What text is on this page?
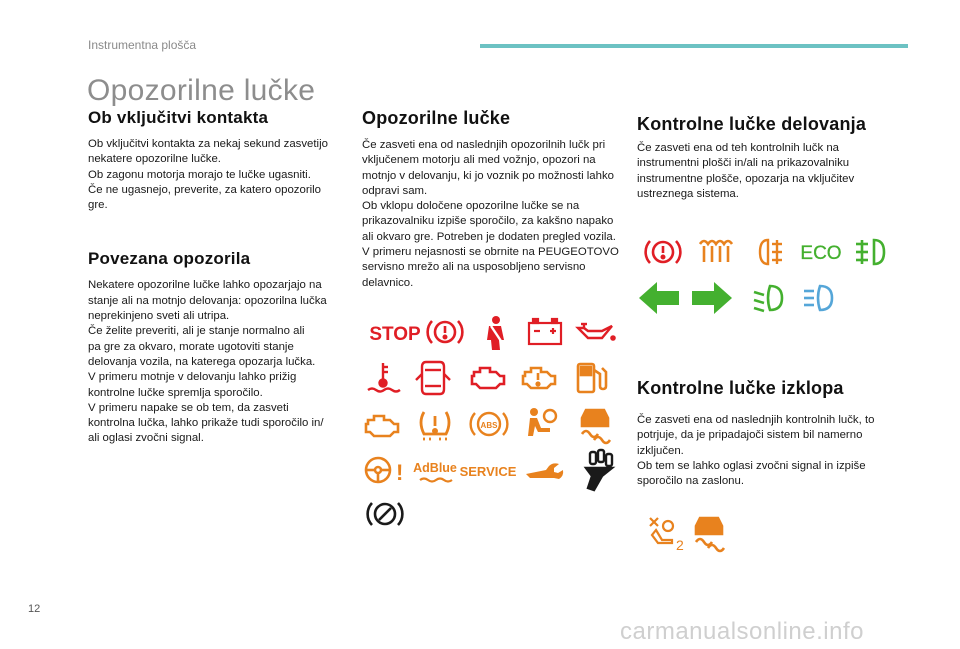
Instrumentna plošča
Opozorilne lučke
Ob vključitvi kontakta

Ob vključitvi kontakta za nekaj sekund zasvetijo
nekatere opozorilne lučke.
Ob zagonu motorja morajo te lučke ugasniti.
Če ne ugasnejo, preverite, za katero opozorilo
gre.

Povezana opozorila

Nekatere opozorilne lučke lahko opozarjajo na
stanje ali na motnjo delovanja: opozorilna lučka
neprekinjeno sveti ali utripa.
Če želite preveriti, ali je stanje normalno ali
pa gre za okvaro, morate ugotoviti stanje
delovanja vozila, na katerega opozarja lučka.
V primeru motnje v delovanju lahko prižig
kontrolne lučke spremlja sporočilo.
V primeru napake se ob tem, da zasveti
kontrolna lučka, lahko prikaže tudi sporočilo in/
ali oglasi zvočni signal.

Opozorilne lučke

Če zasveti ena od naslednjih opozorilnih lučk pri
vključenem motorju ali med vožnjo, opozori na
motnjo v delovanju, ki jo voznik po možnosti lahko
odpravi sam.
Ob vklopu določene opozorilne lučke se na
prikazovalniku izpiše sporočilo, za kakšno napako
ali okvaro gre. Potreben je dodaten pregled vozila.
V primeru nejasnosti se obrnite na PEUGEOTOVO
servisno mrežo ali na usposobljeno servisno
delavnico.

Kontrolne lučke delovanja

Če zasveti ena od teh kontrolnih lučk na
instrumentni plošči in/ali na prikazovalniku
instrumentne plošče, opozarja na vključitev
ustreznega sistema.

Kontrolne lučke izklopa

Če zasveti ena od naslednjih kontrolnih lučk, to
potrjuje, da je pripadajoči sistem bil namerno
izključen.
Ob tem se lahko oglasi zvočni signal in izpiše
sporočilo na zaslonu.

STOP
ABS
! AdBlue SERVICE
ECO
2
12
carmanualsonline.info
